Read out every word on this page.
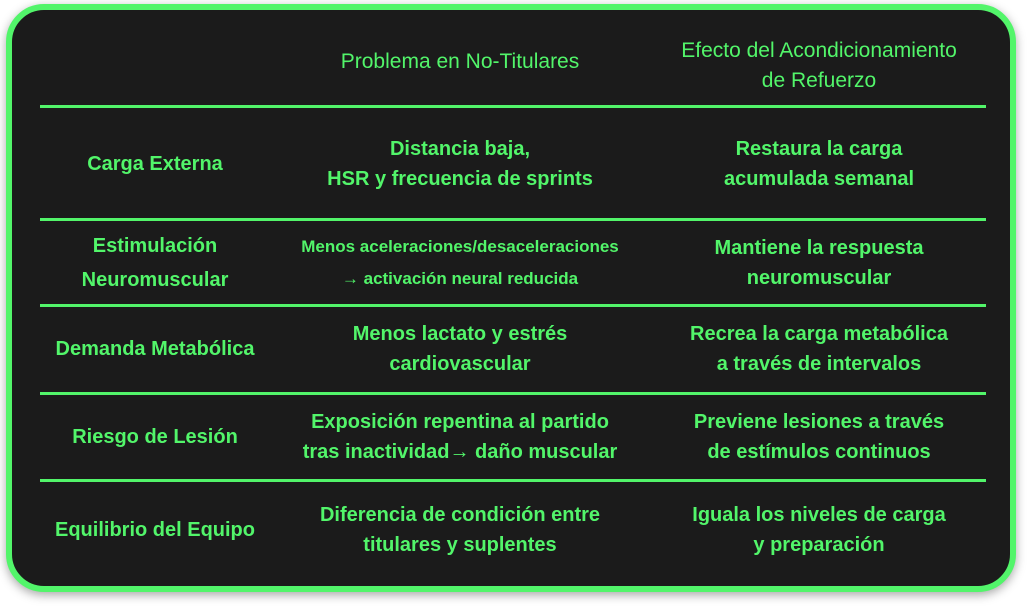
Problema en No-Titulares	Efecto del Acondicionamiento
de Refuerzo
Carga Externa
Distancia baja,
HSR y frecuencia de sprints
Restaura la carga
acumulada semanal
Estimulación
Neuromuscular
Menos aceleraciones/desaceleraciones
→ activación neural reducida
Mantiene la respuesta
neuromuscular
Demanda Metabólica
Menos lactato y estrés
cardiovascular
Recrea la carga metabólica
a través de intervalos
Riesgo de Lesión
Exposición repentina al partido
tras inactividad→ daño muscular
Previene lesiones a través
de estímulos continuos
Equilibrio del Equipo
Diferencia de condición entre
titulares y suplentes
Iguala los niveles de carga
y preparación
